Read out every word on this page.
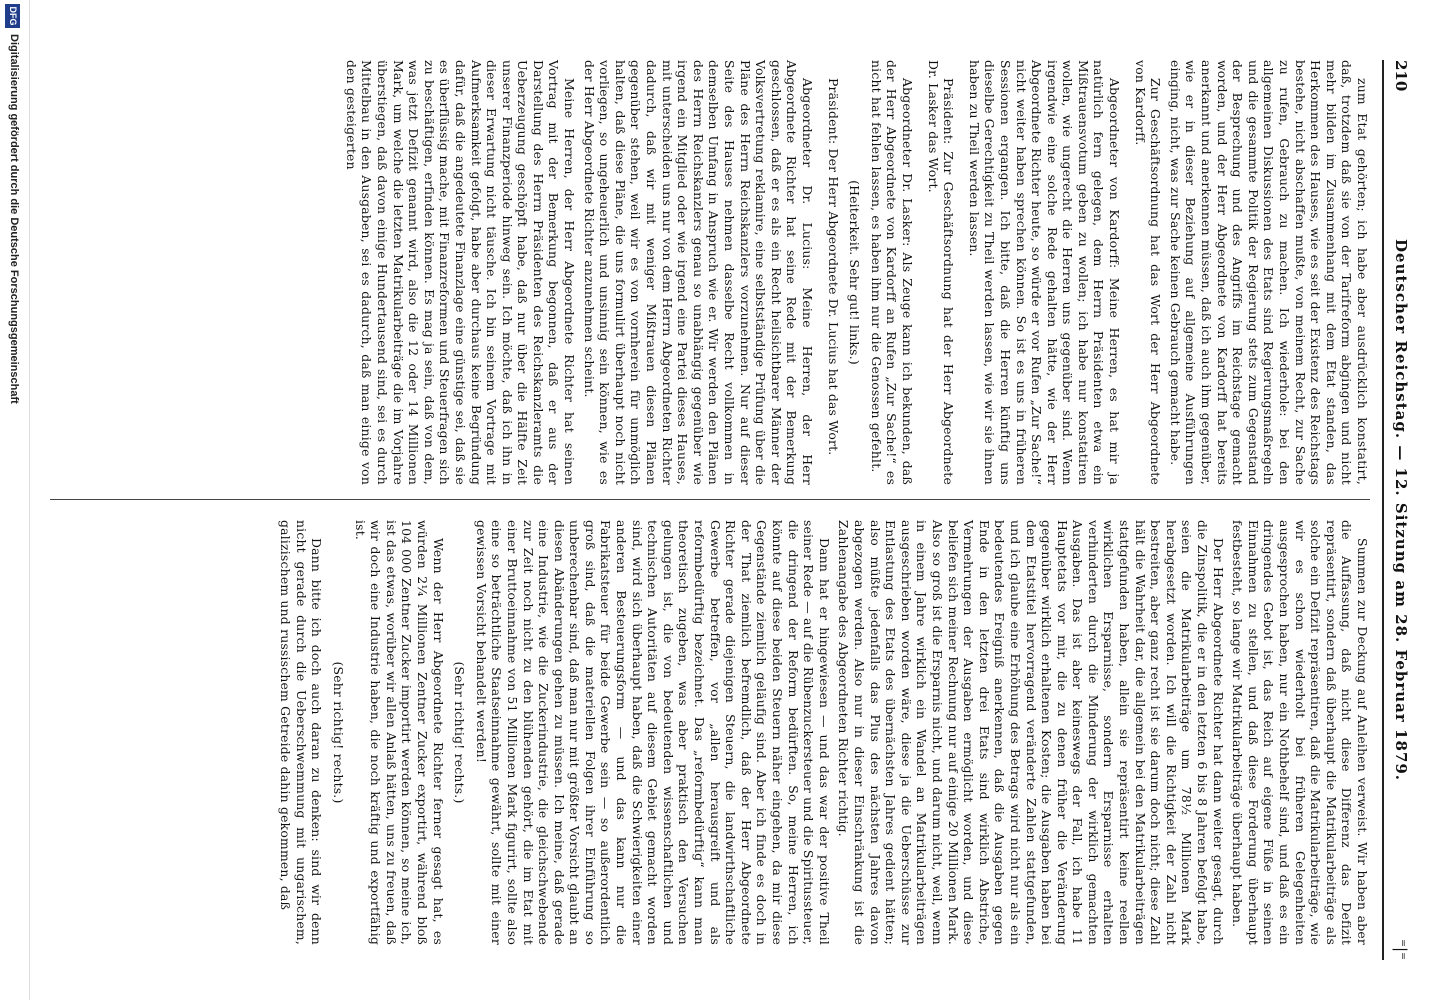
210
Deutscher Reichstag. — 12. Sitzung am 28. Februar 1879.
⁼|⁼

zum Etat gehörten; ich habe aber ausdrücklich konstatirt, daß, trotzdem daß sie von der Tarifreform abgingen und nicht mehr bilden im Zusammenhang mit dem Etat standen, das Herkommen des Hauses, wie es seit der Existenz des Reichstags bestehe, nicht abschaffen mußte, von meinem Recht, zur Sache zu rufen, Gebrauch zu machen. Ich wiederhole: bei den allgemeinen Diskussionen des Etats sind Regierungsmaßregeln und die gesammte Politik der Regierung stets zum Gegenstand der Besprechung und des Angriffs im Reichstage gemacht worden, und der Herr Abgeordnete von Kardorff hat bereits anerkannt und anerkennen müssen, daß ich auch ihm gegenüber, wie er in dieser Beziehung auf allgemeine Ausführungen einging, nicht, was zur Sache keinen Gebrauch gemacht habe.

Zur Geschäftsordnung hat das Wort der Herr Abgeordnete von Kardorff.

Abgeordneter von Kardorff: Meine Herren, es hat mir ja natürlich fern gelegen, dem Herrn Präsidenten etwa ein Mißtrauensvotum geben zu wollen; ich habe nur konstatiren wollen, wie ungerecht die Herren uns gegenüber sind. Wenn irgendwie eine solche Rede gehalten hätte, wie der Herr Abgeordnete Richter heute, so würde er vor Rufen „Zur Sache!“ nicht weiter haben sprechen können. So ist es uns in früheren Sessionen ergangen. Ich bitte, daß die Herren künftig uns dieselbe Gerechtigkeit zu Theil werden lassen, wie wir sie ihnen haben zu Theil werden lassen.

Präsident: Zur Geschäftsordnung hat der Herr Abgeordnete Dr. Lasker das Wort.

Abgeordneter Dr. Lasker: Als Zeuge kann ich bekunden, daß der Herr Abgeordnete von Kardorff an Rufen „Zur Sache!“ es nicht hat fehlen lassen, es haben ihm nur die Genossen gefehlt.

(Heiterkeit. Sehr gut! links.)

Präsident: Der Herr Abgeordnete Dr. Lucius hat das Wort.

Abgeordneter Dr. Lucius: Meine Herren, der Herr Abgeordnete Richter hat seine Rede mit der Bemerkung geschlossen, daß er es als ein Recht heilsichtbarer Männer der Volksvertretung reklamire, eine selbstständige Prüfung über die Pläne des Herrn Reichskanzlers vorzunehmen. Nur auf dieser Seite des Hauses nehmen dasselbe Recht vollkommen in demselben Umfang in Anspruch wie er. Wir werden den Plänen des Herrn Reichskanzlers genau so unabhängig gegenüber wie irgend ein Mitglied oder wie irgend eine Partei dieses Hauses, mit unterscheiden uns nur von dem Herrn Abgeordneten Richter dadurch, daß wir mit weniger Mißtrauen diesen Plänen gegenüber stehen, weil wir es von vornherein für unmöglich halten, daß diese Pläne, die uns formulirt überhaupt noch nicht vorliegen, so ungeheuerlich und unsinnig sein können, wie es der Herr Abgeordnete Richter anzunehmen scheint.

Meine Herren, der Herr Abgeordnete Richter hat seinen Vortrag mit der Bemerkung begonnen, daß er aus der Darstellung des Herrn Präsidenten des Reichskanzleramts die Ueberzeugung geschöpft habe, daß nur über die Hälfte Zeit unserer Finanzperiode hinweg sein. Ich möchte, daß ich ihn in dieser Erwartung nicht täusche. Ich bin seinem Vortrage mit Aufmerksamkeit gefolgt, habe aber durchaus keine Begründung dafür, daß die angedeutete Finanzlage eine günstige sei, daß sie es überflüssig mache, mit Finanzreformen und Steuerfragen sich zu beschäftigen, erfinden können. Es mag ja sein, daß von dem, was jetzt Defizit genannt wird, also die 12 oder 14 Millionen Mark, um welche die letzten Matrikularbeiträge die im Vorjahre überstiegen, daß davon einige Hundertausend sind, sei es durch Mittelbau in den Ausgaben, sei es dadurch, daß man einige von den gesteigerten

Summen zur Deckung auf Anleihen verweist. Wir haben aber die Auffassung, daß nicht diese Differenz das Defizit repräsentirt, sondern daß überhaupt die Matrikularbeiträge als solche ein Defizit repräsentiren, daß die Matrikularbeiträge, wie wir es schon wiederholt bei früheren Gelegenheiten ausgesprochen haben, nur ein Nothbehelf sind, und daß es ein dringendes Gebot ist, das Reich auf eigene Füße in seinen Einnahmen zu stellen, und daß diese Forderung überhaupt festbesteht, so lange wir Matrikularbeiträge überhaupt haben.

Der Herr Abgeordnete Richter hat dann weiter gesagt, durch die Zinspolitik, die er in den letzten 6 bis 8 Jahren befolgt habe, seien die Matrikularbeiträge um 78½ Millionen Mark herabgesetzt worden. Ich will die Richtigkeit der Zahl nicht bestreiten, aber ganz recht ist sie darum doch nicht; diese Zahl hält die Wahrheit dar, die allgemein bei den Matrikularbeiträgen stattgefunden haben, allein sie repräsentirt keine reellen wirklichen Ersparnisse, sondern Ersparnisse erhalten verhinderten durch die Minderung der wirklich gemachten Ausgaben. Das ist aber keineswegs der Fall, ich habe 11 Hauptetats vor mir, die zu denen früher die Veränderung gegenüber wirklich erhaltenen Kosten; die Ausgaben haben bei dem Etatstitel hervorragend veränderte Zahlen stattgefunden, und ich glaube eine Erhöhung des Betrags wird nicht nur als ein bedeutendes Ereigniß anerkennen, daß die Ausgaben gegen Ende in den letzten drei Etats sind wirklich Abstriche, Vermehrungen der Ausgaben ermöglicht worden, und diese beliefen sich meiner Rechnung nur auf einige 20 Millionen Mark. Also so groß ist die Ersparnis nicht, und darum nicht, weil, wenn in einem Jahre wirklich ein Wandel an Matrikularbeiträgen ausgeschrieben worden wäre, diese ja die Ueberschüsse zur Entlastung des Etats des übernächsten Jahres gedient hätten; also müßte jedenfalls das Plus des nächsten Jahres davon abgezogen werden. Also nur in dieser Einschränkung ist die Zahlenangabe des Abgeordneten Richter richtig.

Dann hat er hingewiesen — und das war der positive Theil seiner Rede — auf die Rübenzuckersteuer und die Spiritussteuer, die dringend der Reform bedürften. So, meine Herren, ich könnte auf diese beiden Steuern näher eingehen, da mir diese Gegenstände ziemlich geläufig sind. Aber ich finde es doch in der That ziemlich befremdlich, daß der Herr Abgeordnete Richter gerade diejenigen Steuern, die landwirthschaftliche Gewerbe betreffen, vor „allen herausgreift und als reformbedürftig bezeichnet. Das „reformbedürftig“ kann man theoretisch zugeben, was aber praktisch den Versuchen gelungen ist, die von bedeutenden wissenschaftlichen und technischen Autoritäten auf diesem Gebiet gemacht worden sind, wird sich überhaupt haben, daß die Schwierigkeiten einer anderen Besteuerungsform — und das kann nur die Fabrikatsteuer für beide Gewerbe sein — so außerordentlich groß sind, daß die materiellen Folgen ihrer Einführung so unberechenbar sind, daß man nur mit größter Vorsicht glaubt an diesen Abänderungen gehen zu müssen. Ich meine, daß gerade eine Industrie, wie die Zuckerindustrie, die gleichschwebende zur Zeit noch nicht zu den blühenden gehört, die im Etat mit einer Bruttoeinnahme von 51 Millionen Mark figurirt, sollte also eine so beträchtliche Staatseinnahme gewährt, sollte mit einer gewissen Vorsicht behandelt werden!

(Sehr richtig! rechts.)

Wenn der Herr Abgeordnete Richter ferner gesagt hat, es würden 2¼ Millionen Zentner Zucker exportirt, während bloß 104 000 Zentner Zucker importirt werden können, so meine ich, ist das etwas, worüber wir allen Anlaß hätten, uns zu freuen, daß wir doch eine Industrie haben, die noch kräftig und exportfähig ist.

(Sehr richtig! rechts.)

Dann bitte ich doch auch daran zu denken: sind wir denn nicht gerade durch die Ueberschwemmung mit ungarischem, galizischem und russischem Getreide dahin gekommen, daß

DFG
Digitalisierung gefördert durch die Deutsche Forschungsgemeinschaft
